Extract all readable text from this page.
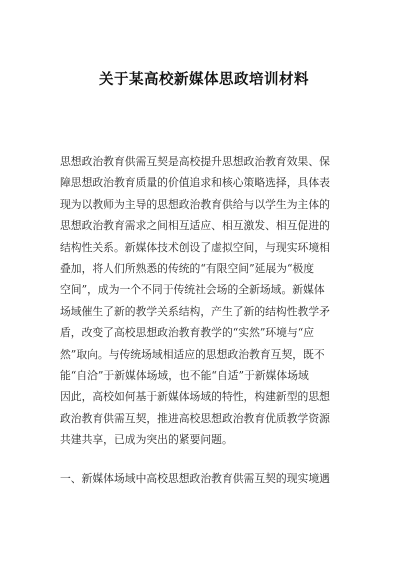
关于某高校新媒体思政培训材料
思想政治教育供需互契是高校提升思想政治教育效果、保
障思想政治教育质量的价值追求和核心策略选择，具体表
现为以教师为主导的思想政治教育供给与以学生为主体的
思想政治教育需求之间相互适应、相互激发、相互促进的
结构性关系。新媒体技术创设了虚拟空间，与现实环境相
叠加，将人们所熟悉的传统的“有限空间”延展为“极度
空间”，成为一个不同于传统社会场的全新场域。新媒体
场域催生了新的教学关系结构，产生了新的结构性教学矛
盾，改变了高校思想政治教育教学的“实然”环境与“应
然”取向。与传统场域相适应的思想政治教育互契，既不
能“自洽”于新媒体场域，也不能“自适”于新媒体场域
因此，高校如何基于新媒体场域的特性，构建新型的思想
政治教育供需互契，推进高校思想政治教育优质教学资源
共建共享，已成为突出的紧要问题。
一、新媒体场域中高校思想政治教育供需互契的现实境遇
